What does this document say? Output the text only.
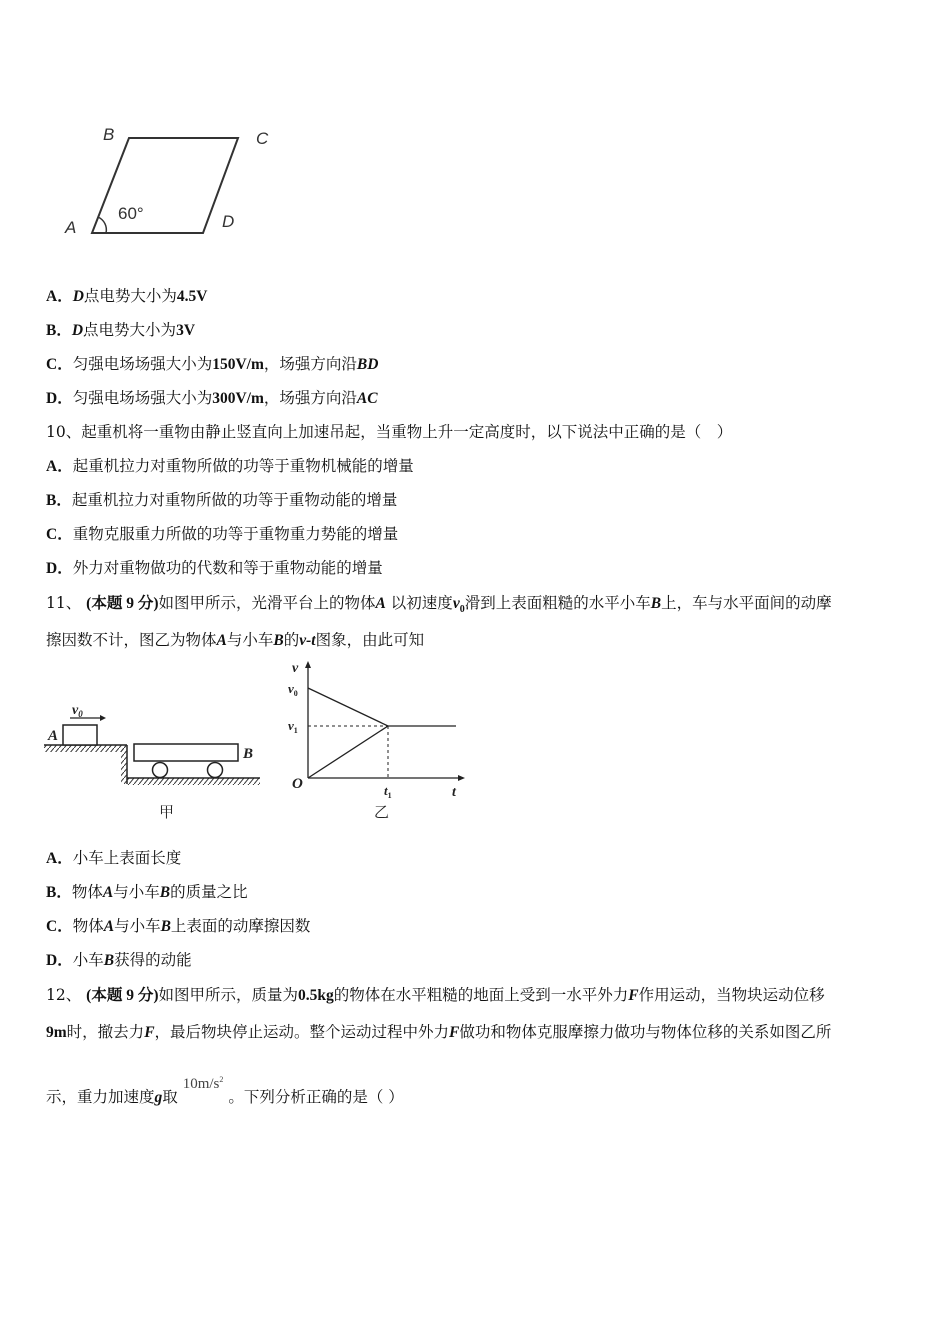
B	C
A	D
60°
A．D点电势大小为4.5V
B．D点电势大小为3V
C．匀强电场场强大小为150V/m，场强方向沿BD
D．匀强电场场强大小为300V/m，场强方向沿AC
10、起重机将一重物由静止竖直向上加速吊起，当重物上升一定高度时，以下说法中正确的是（　）
A．起重机拉力对重物所做的功等于重物机械能的增量
B．起重机拉力对重物所做的功等于重物动能的增量
C．重物克服重力所做的功等于重物重力势能的增量
D．外力对重物做功的代数和等于重物动能的增量
11、 (本题 9 分)如图甲所示，光滑平台上的物体A 以初速度$v_0$滑到上表面粗糙的水平小车B上，车与水平面间的动摩
擦因数不计，图乙为物体A与小车B的v-t图象，由此可知
$v_0$
A
B
甲
v
$v_0$
$v_1$
O	$t_1$	t
乙
A．小车上表面长度
B．物体A与小车B的质量之比
C．物体A与小车B上表面的动摩擦因数
D．小车B获得的动能
12、 (本题 9 分)如图甲所示，质量为0.5kg的物体在水平粗糙的地面上受到一水平外力F作用运动，当物块运动位移
9m时，撤去力F，最后物块停止运动。整个运动过程中外力F做功和物体克服摩擦力做功与物体位移的关系如图乙所
示，重力加速度g取 $10m/s^2$ 。下列分析正确的是（ ）
